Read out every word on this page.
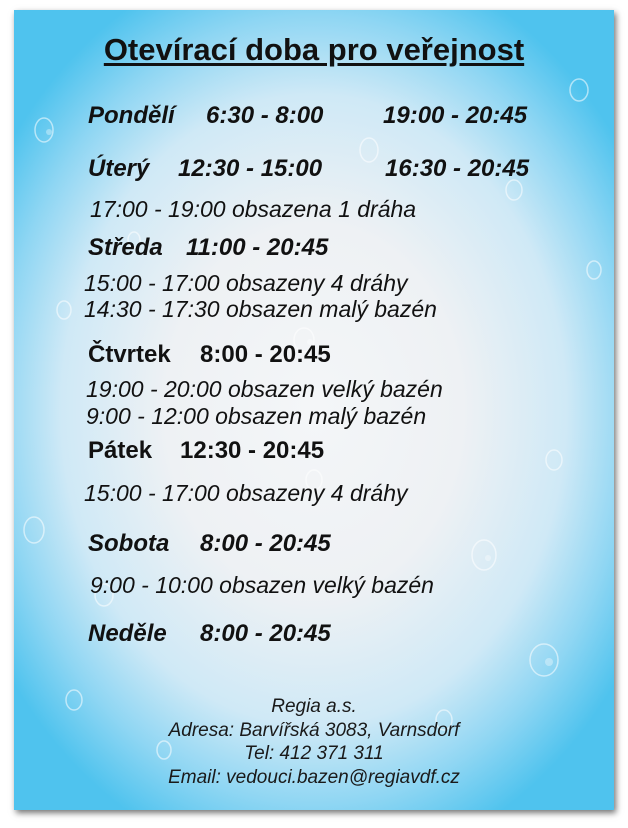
Otevírací doba pro veřejnost
Pondělí 6:30 - 8:00 19:00 - 20:45
Úterý 12:30 - 15:00	16:30 - 20:45
17:00 - 19:00 obsazena 1 dráha
Středa 11:00 - 20:45
15:00 - 17:00 obsazeny 4 dráhy
14:30 - 17:30 obsazen malý bazén
Čtvrtek 8:00 - 20:45
19:00 - 20:00 obsazen velký bazén
9:00 - 12:00 obsazen malý bazén
Pátek 12:30 - 20:45
15:00 - 17:00 obsazeny 4 dráhy
Sobota 8:00 - 20:45
9:00 - 10:00 obsazen velký bazén
Neděle 8:00 - 20:45
Regia a.s.
Adresa: Barvířská 3083, Varnsdorf
Tel: 412 371 311
Email: vedouci.bazen@regiavdf.cz
